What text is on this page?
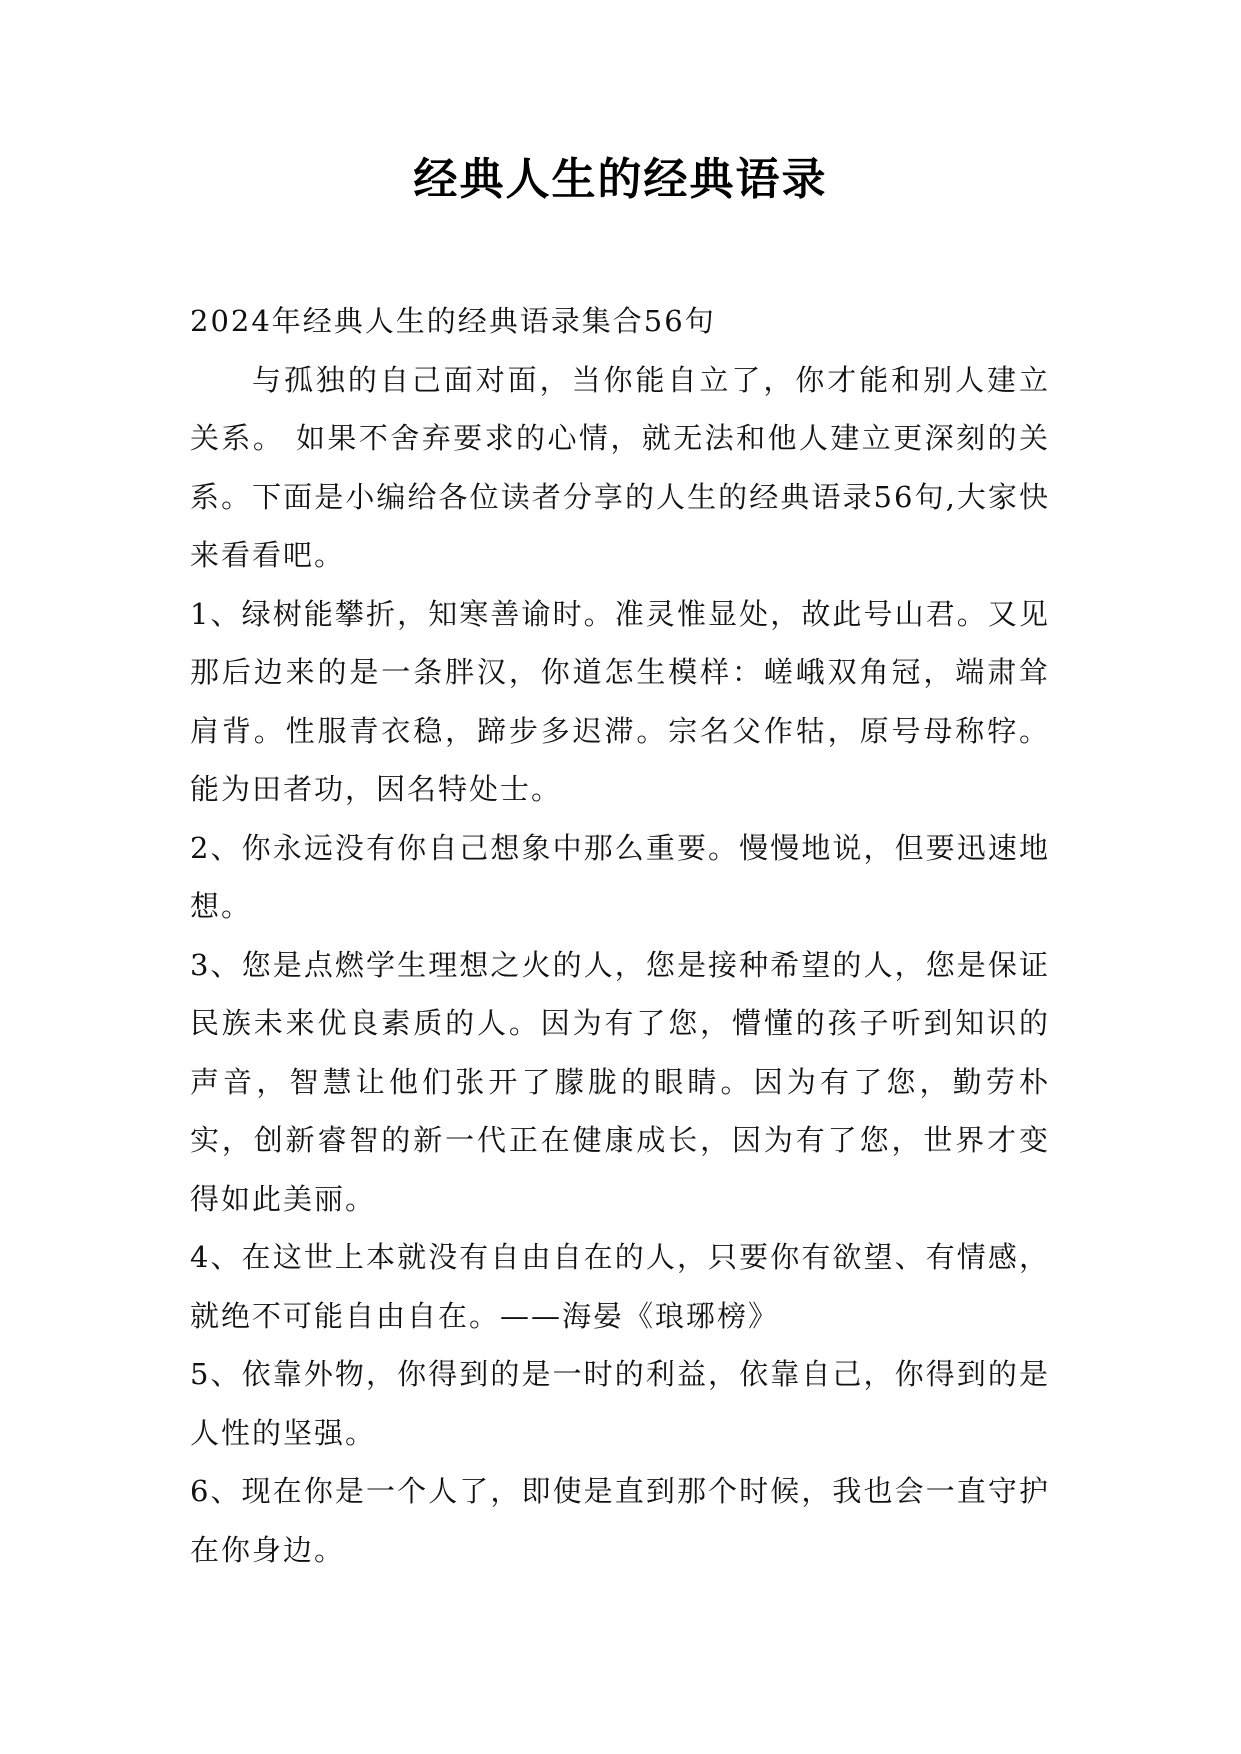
经典人生的经典语录

2024年经典人生的经典语录集合56句

与孤独的自己面对面，当你能自立了，你才能和别人建立关系。 如果不舍弃要求的心情，就无法和他人建立更深刻的关系。下面是小编给各位读者分享的人生的经典语录56句,大家快来看看吧。

1、绿树能攀折，知寒善谕时。准灵惟显处，故此号山君。又见那后边来的是一条胖汉，你道怎生模样：嵯峨双角冠，端肃耸肩背。性服青衣稳，蹄步多迟滞。宗名父作牯，原号母称牸。能为田者功，因名特处士。

2、你永远没有你自己想象中那么重要。慢慢地说，但要迅速地想。

3、您是点燃学生理想之火的人，您是接种希望的人，您是保证民族未来优良素质的人。因为有了您，懵懂的孩子听到知识的声音，智慧让他们张开了朦胧的眼睛。因为有了您，勤劳朴实，创新睿智的新一代正在健康成长，因为有了您，世界才变得如此美丽。

4、在这世上本就没有自由自在的人，只要你有欲望、有情感，就绝不可能自由自在。——海晏《琅琊榜》

5、依靠外物，你得到的是一时的利益，依靠自己，你得到的是人性的坚强。

6、现在你是一个人了，即使是直到那个时候，我也会一直守护在你身边。
